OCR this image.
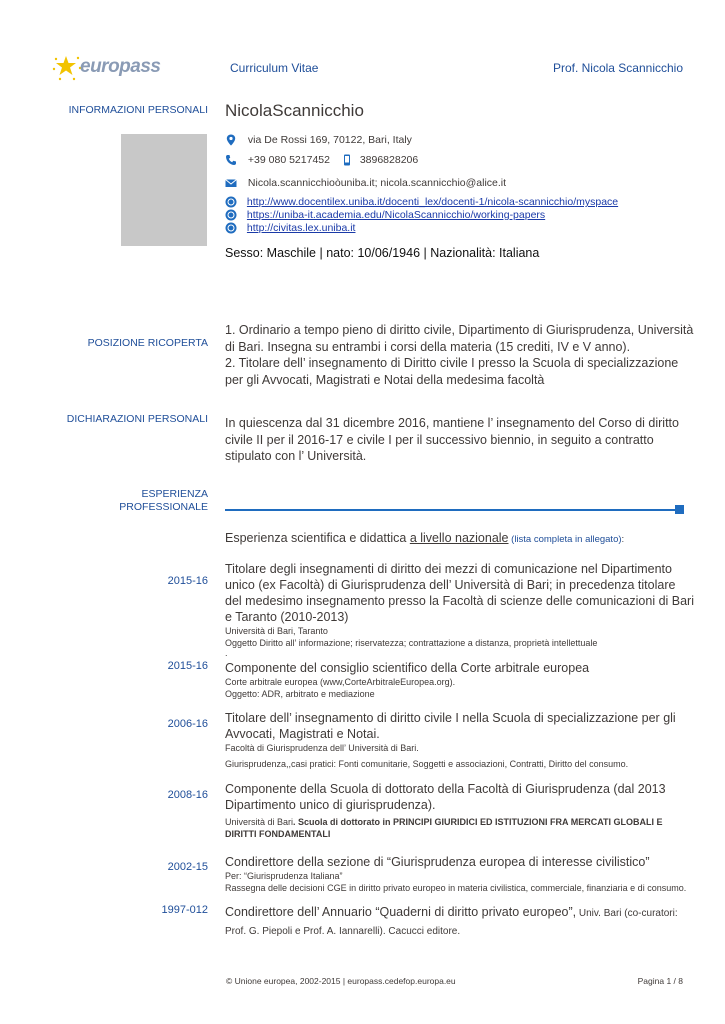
europass	Curriculum Vitae	Prof. Nicola Scannicchio
INFORMAZIONI PERSONALI NicolaScannicchio
via De Rossi 169, 70122, Bari, Italy
+39 080 5217452	3896828206
Nicola.scannicchioòuniba.it; nicola.scannicchio@alice.it
http://www.docentilex.uniba.it/docenti_lex/docenti-1/nicola-scannicchio/myspace
https://uniba-it.academia.edu/NicolaScannicchio/working-papers
http://civitas.lex.uniba.it
Sesso: Maschile | nato: 10/06/1946 | Nazionalità: Italiana
POSIZIONE RICOPERTA
1. Ordinario a tempo pieno di diritto civile, Dipartimento di Giurisprudenza, Università di Bari. Insegna su entrambi i corsi della materia (15 crediti, IV e V anno).
2. Titolare dell’ insegnamento di Diritto civile I presso la Scuola di specializzazione per gli Avvocati, Magistrati e Notai della medesima facoltà
DICHIARAZIONI PERSONALI In quiescenza dal 31 dicembre 2016, mantiene l’ insegnamento del Corso di diritto civile II per il 2016-17 e civile I per il successivo biennio, in seguito a contratto stipulato con l’ Università.
ESPERIENZA
PROFESSIONALE
Esperienza scientifica e didattica a livello nazionale (lista completa in allegato):
2015-16
Titolare degli insegnamenti di diritto dei mezzi di comunicazione nel Dipartimento unico (ex Facoltà) di Giurisprudenza dell’ Università di Bari; in precedenza titolare del medesimo insegnamento presso la Facoltà di scienze delle comunicazioni di Bari e Taranto (2010-2013)
Università di Bari, Taranto
Oggetto Diritto all’ informazione; riservatezza; contrattazione a distanza, proprietà intellettuale
.
2015-16 Componente del consiglio scientifico della Corte arbitrale europea
Corte arbitrale europea (www,CorteArbitraleEuropea.org).
Oggetto: ADR, arbitrato e mediazione
2006-16 Titolare dell’ insegnamento di diritto civile I nella Scuola di specializzazione per gli Avvocati, Magistrati e Notai.
Facoltà di Giurisprudenza dell’ Università di Bari.
Giurisprudenza,,casi pratici: Fonti comunitarie, Soggetti e associazioni, Contratti, Diritto del consumo.
2008-16 Componente della Scuola di dottorato della Facoltà di Giurisprudenza (dal 2013 Dipartimento unico di giurisprudenza).
Università di Bari. Scuola di dottorato in PRINCIPI GIURIDICI ED ISTITUZIONI FRA MERCATI GLOBALI E DIRITTI FONDAMENTALI
2002-15 Condirettore della sezione di “Giurisprudenza europea di interesse civilistico”
Per: “Giurisprudenza Italiana”
Rassegna delle decisioni CGE in diritto privato europeo in materia civilistica, commerciale, finanziaria e di consumo.
1997-012 Condirettore dell’ Annuario “Quaderni di diritto privato europeo”, Univ. Bari (co-curatori: Prof. G. Piepoli e Prof. A. Iannarelli). Cacucci editore.
© Unione europea, 2002-2015 | europass.cedefop.europa.eu	Pagina 1 / 8
